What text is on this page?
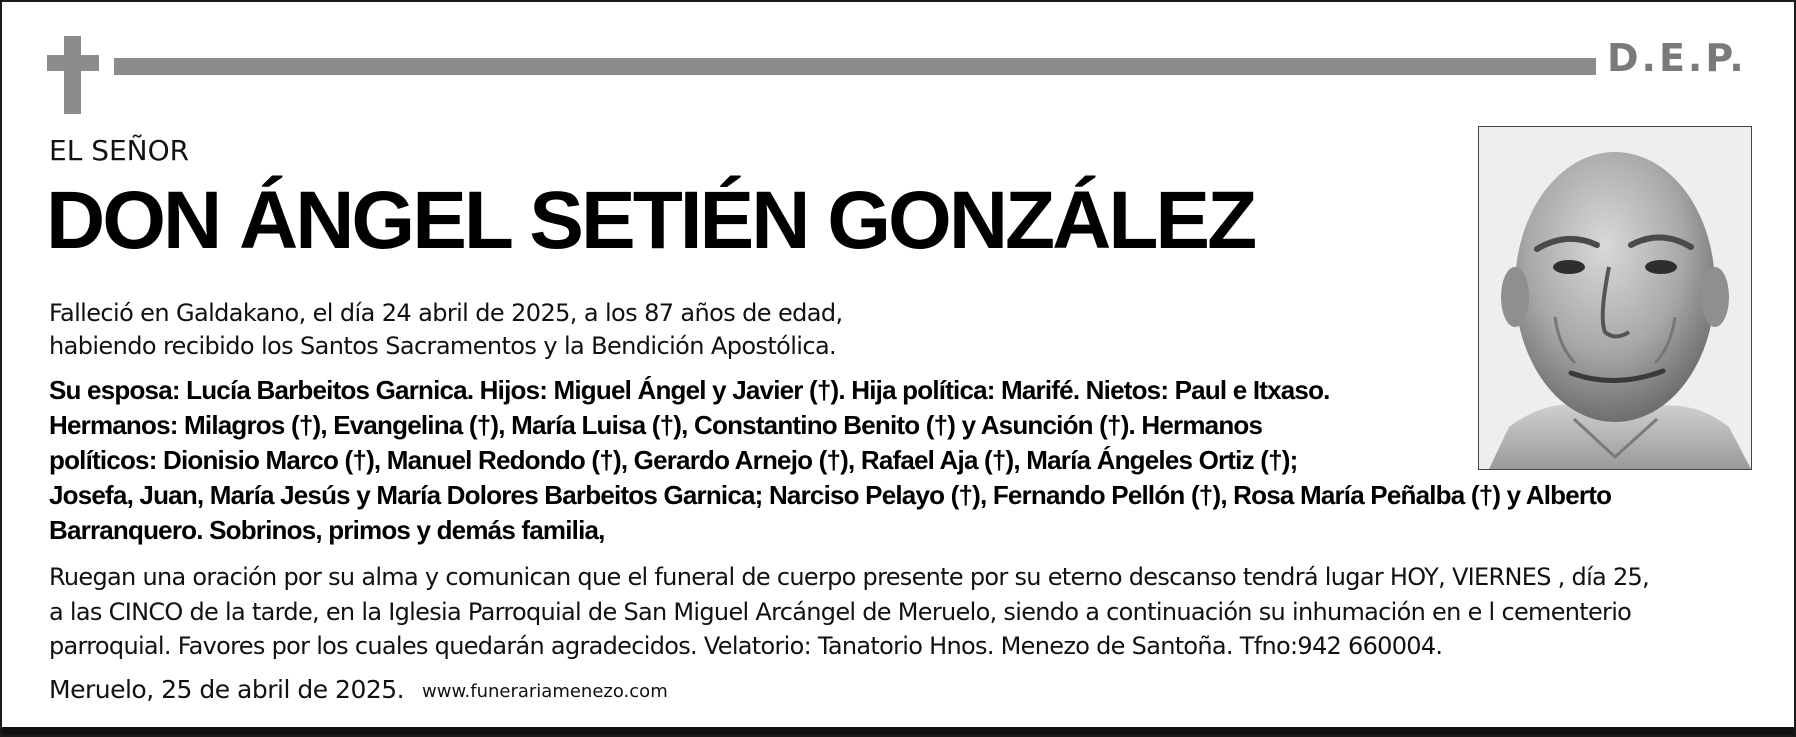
D.E.P.
EL SEÑOR
DON ÁNGEL SETIÉN GONZÁLEZ
Falleció en Galdakano, el día 24 abril de 2025, a los 87 años de edad,
habiendo recibido los Santos Sacramentos y la Bendición Apostólica.
Su esposa: Lucía Barbeitos Garnica. Hijos: Miguel Ángel y Javier (†). Hija política: Marifé. Nietos: Paul e Itxaso.
Hermanos: Milagros (†), Evangelina (†), María Luisa (†), Constantino Benito (†) y Asunción (†). Hermanos
políticos: Dionisio Marco (†), Manuel Redondo (†), Gerardo Arnejo (†), Rafael Aja (†), María Ángeles Ortiz (†);
Josefa, Juan, María Jesús y María Dolores Barbeitos Garnica; Narciso Pelayo (†), Fernando Pellón (†), Rosa María Peñalba (†) y Alberto
Barranquero. Sobrinos, primos y demás familia,
Ruegan una oración por su alma y comunican que el funeral de cuerpo presente por su eterno descanso tendrá lugar HOY, VIERNES , día 25,
a las CINCO de la tarde, en la Iglesia Parroquial de San Miguel Arcángel de Meruelo, siendo a continuación su inhumación en e l cementerio
parroquial. Favores por los cuales quedarán agradecidos. Velatorio: Tanatorio Hnos. Menezo de Santoña. Tfno:942 660004.
Meruelo, 25 de abril de 2025. www.funerariamenezo.com
